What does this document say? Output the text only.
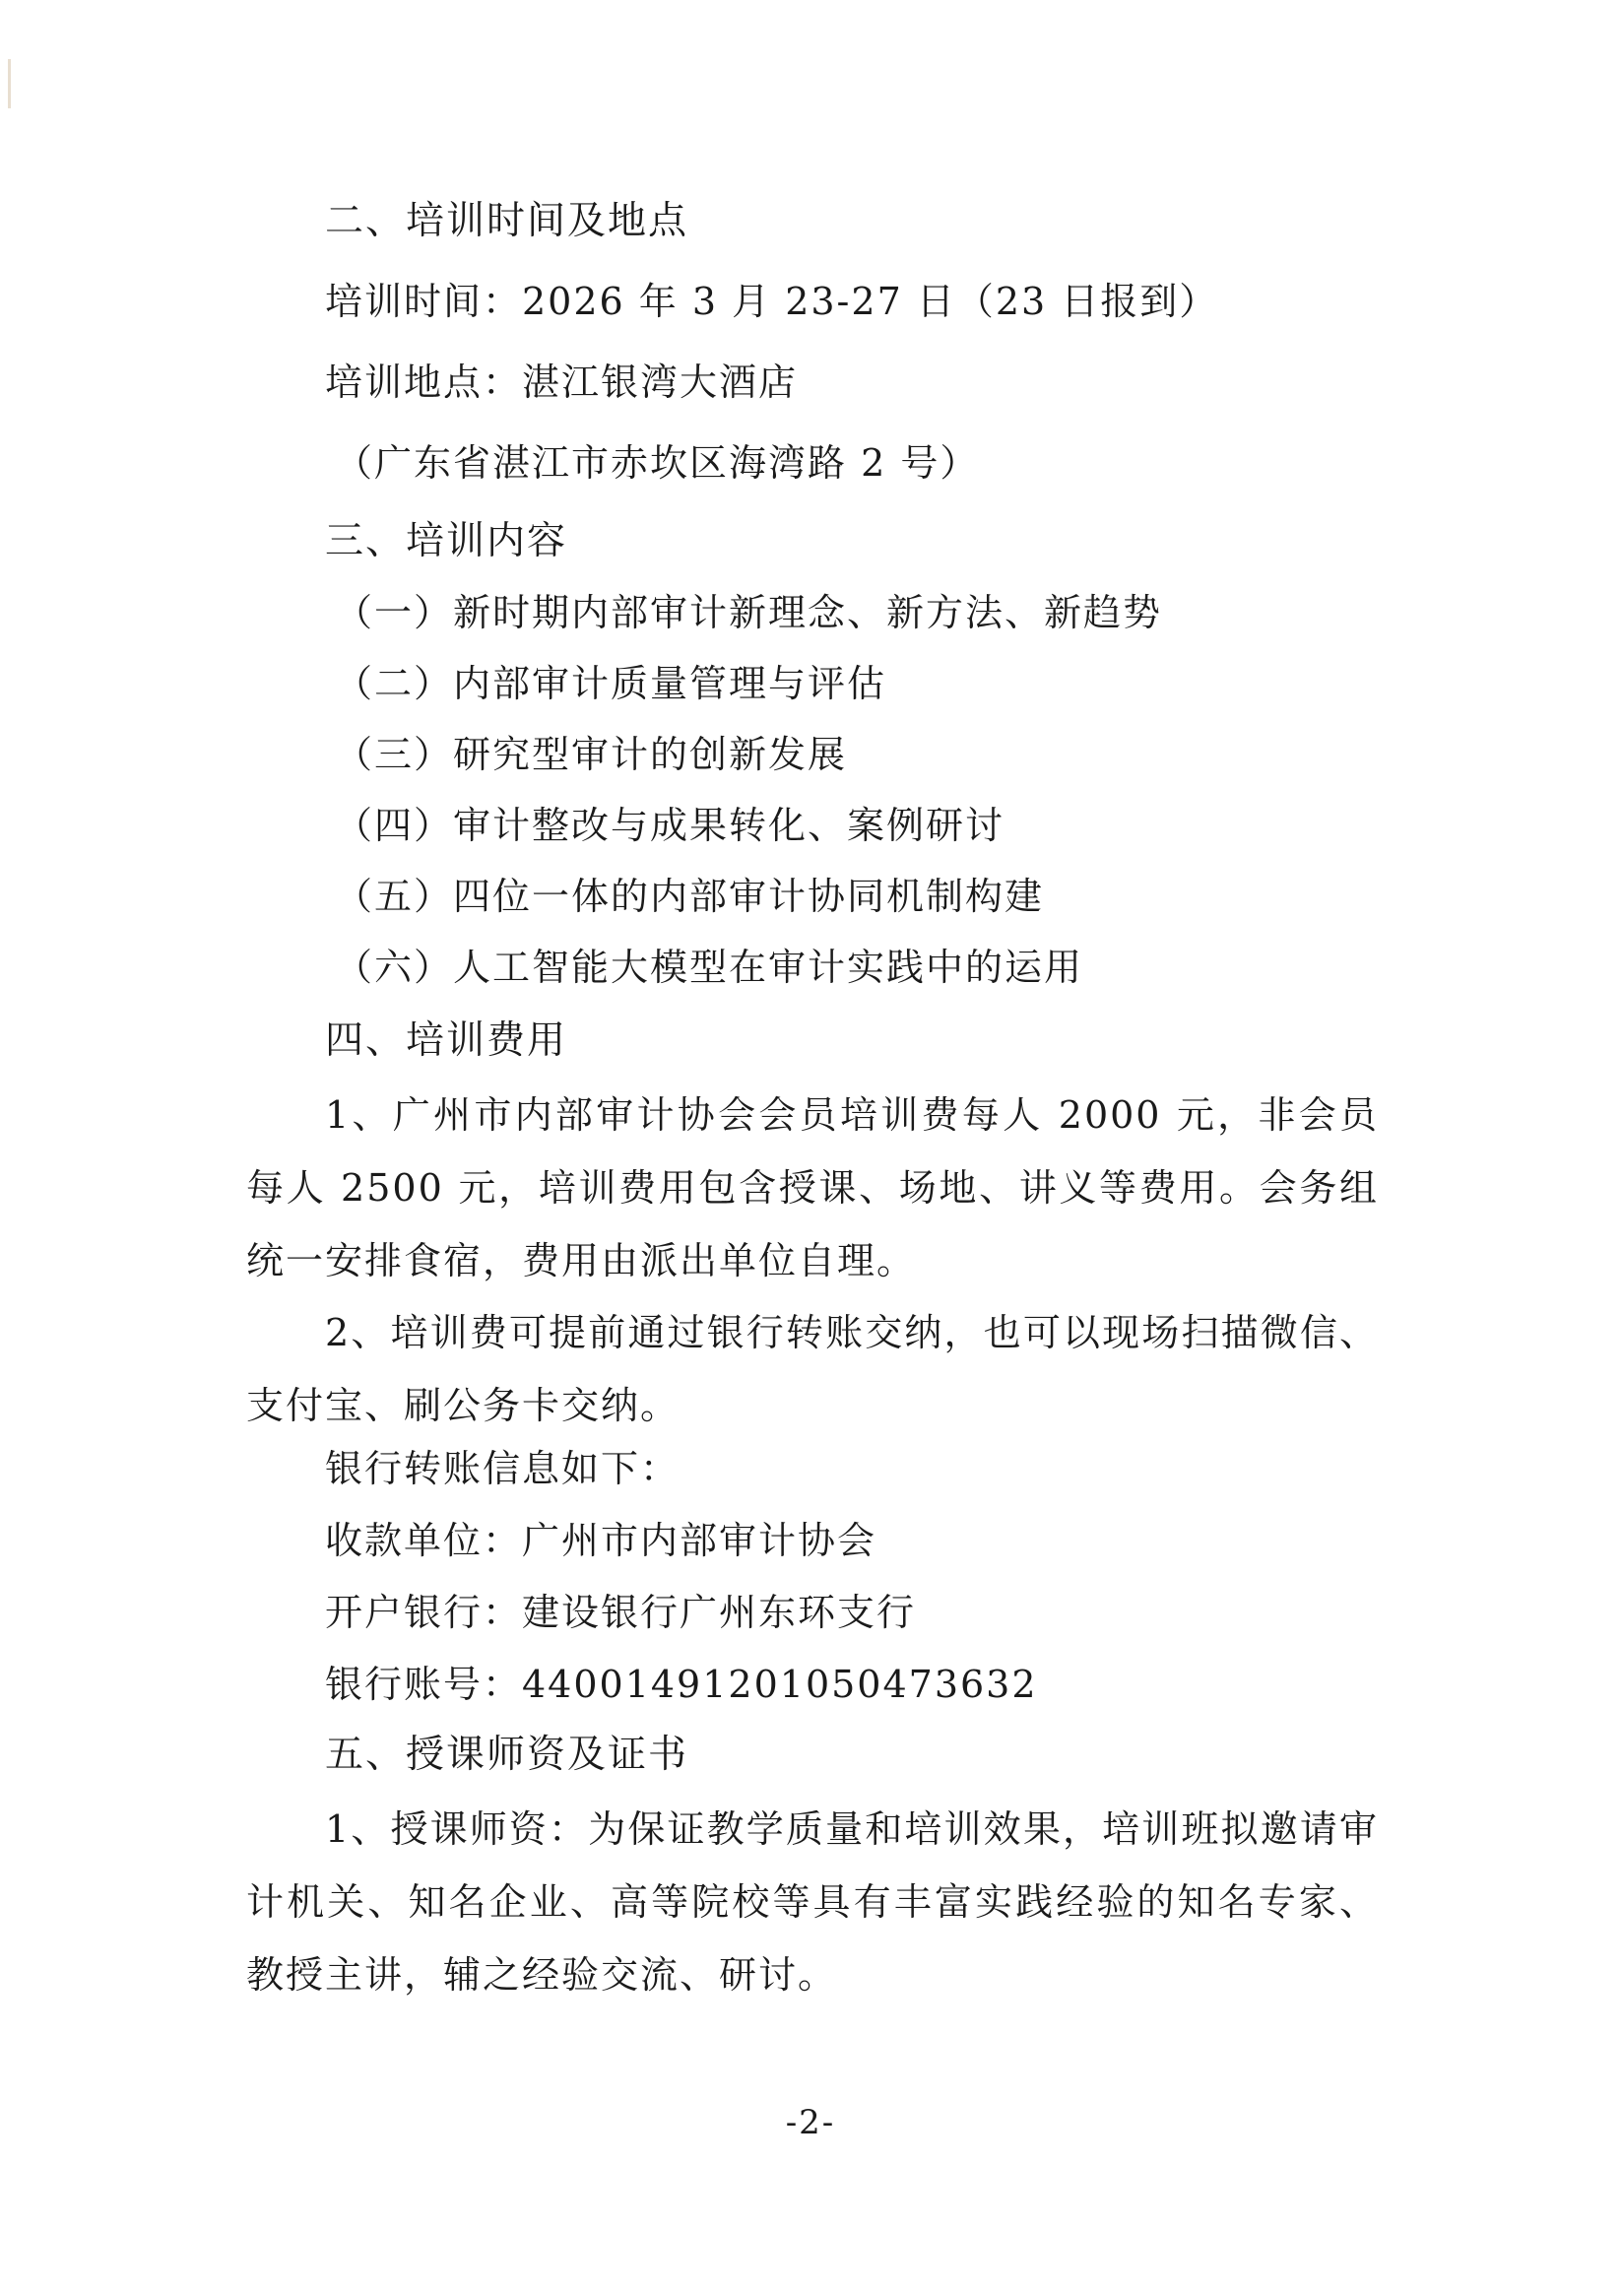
二、培训时间及地点
培训时间：2026 年 3 月 23-27 日（23 日报到）
培训地点：湛江银湾大酒店
（广东省湛江市赤坎区海湾路 2 号）
三、培训内容
（一）新时期内部审计新理念、新方法、新趋势
（二）内部审计质量管理与评估
（三）研究型审计的创新发展
（四）审计整改与成果转化、案例研讨
（五）四位一体的内部审计协同机制构建
（六）人工智能大模型在审计实践中的运用
四、培训费用
1、广州市内部审计协会会员培训费每人 2000 元，非会员每人 2500 元，培训费用包含授课、场地、讲义等费用。会务组统一安排食宿，费用由派出单位自理。
2、培训费可提前通过银行转账交纳，也可以现场扫描微信、支付宝、刷公务卡交纳。
银行转账信息如下：
收款单位：广州市内部审计协会
开户银行：建设银行广州东环支行
银行账号：44001491201050473632
五、授课师资及证书
1、授课师资：为保证教学质量和培训效果，培训班拟邀请审计机关、知名企业、高等院校等具有丰富实践经验的知名专家、教授主讲，辅之经验交流、研讨。
-2-
